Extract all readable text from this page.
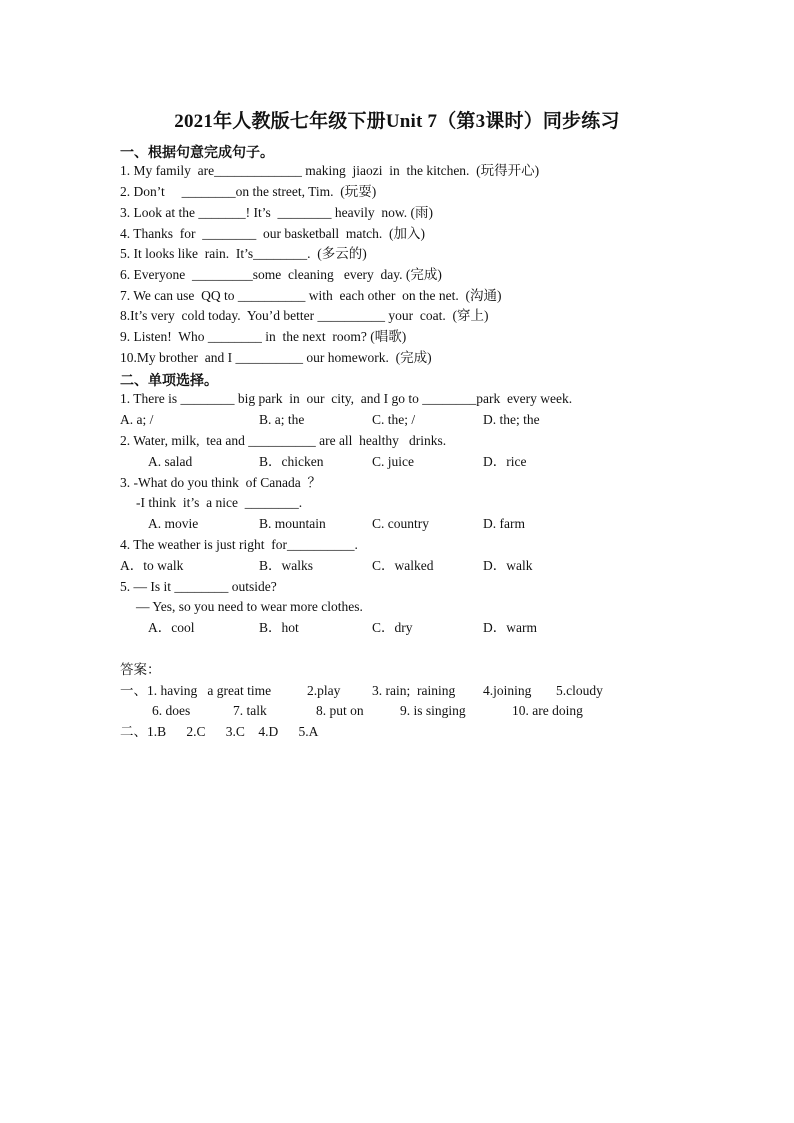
2021年人教版七年级下册Unit 7（第3课时）同步练习
一、根据句意完成句子。
1. My family  are_____________ making  jiaozi  in  the kitchen.  (玩得开心)
2. Don’t     ________on the street, Tim.  (玩耍)
3. Look at the _______! It’s  ________ heavily  now. (雨)
4. Thanks  for  ________  our basketball  match.  (加入)
5. It looks like  rain.  It’s________.  (多云的)
6. Everyone  _________some  cleaning   every  day. (完成)
7. We can use  QQ to __________ with  each other  on the net.  (沟通)
8.It’s very  cold today.  You’d better __________ your  coat.  (穿上)
9. Listen!  Who ________ in  the next  room? (唱歌)
10.My brother  and I __________ our homework.  (完成)
二、单项选择。
1. There is ________ big park  in  our  city,  and I go to ________park  every week.
A. a; /	B. a; the	C. the; /	D. the; the
2. Water, milk,  tea and __________ are all  healthy   drinks.
A. salad	B．chicken	C. juice	D．rice
3. -What do you think  of Canada  ？
-I think  it’s  a nice  ________.
A. movie	B. mountain	C. country	D. farm
4. The weather is just right  for__________.
A．to walk	B．walks	C．walked	D．walk
5. — Is it ________ outside?
— Yes, so you need to wear more clothes.
A．cool	B．hot	C．dry	D．warm
答案：
一、1. having   a great time	2.play 3. rain;  raining 4.joining 5.cloudy
6. does	7. talk	8. put on	9. is singing	10. are doing
二、1.B      2.C      3.C    4.D      5.A
